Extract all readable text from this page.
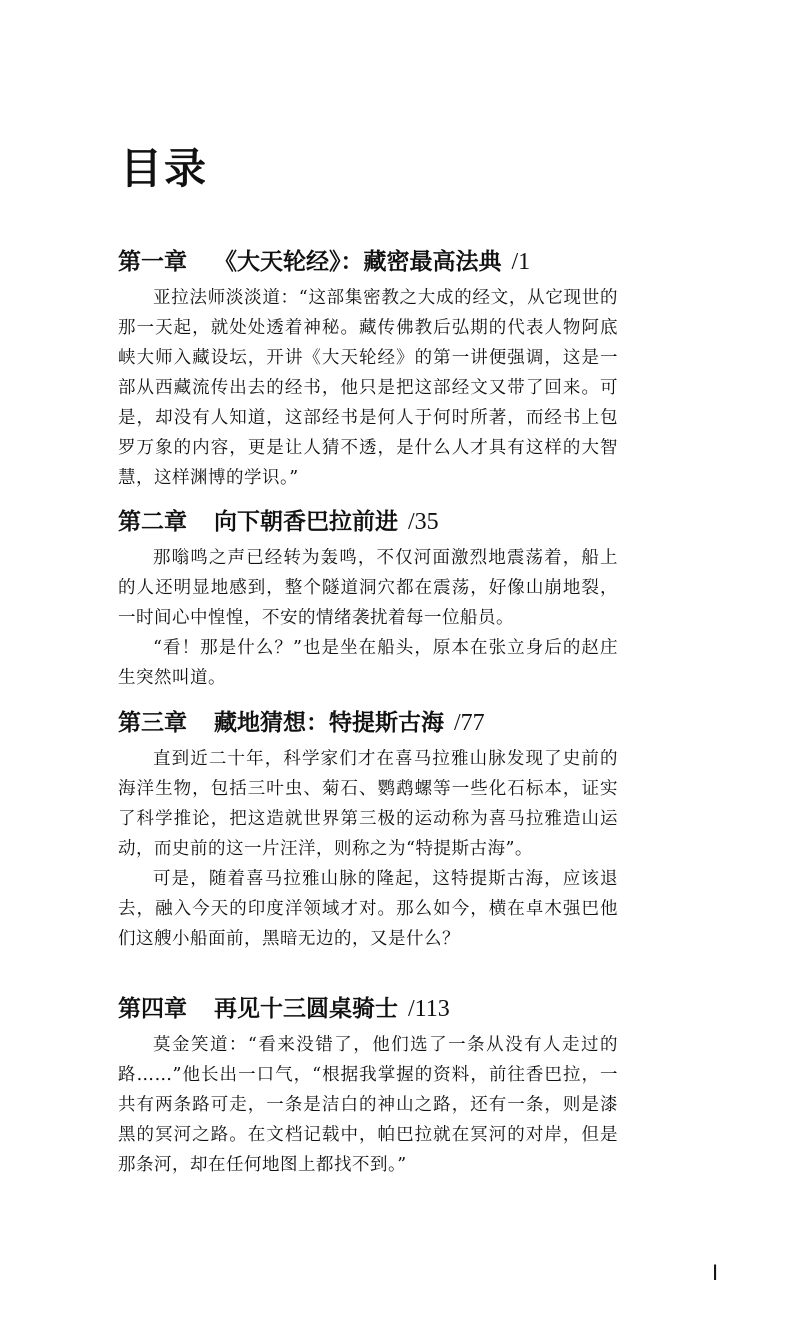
目录
第一章 《大天轮经》：藏密最高法典 /1

亚拉法师淡淡道：“这部集密教之大成的经文，从它现世的那一天起，就处处透着神秘。藏传佛教后弘期的代表人物阿底峡大师入藏设坛，开讲《大天轮经》的第一讲便强调，这是一部从西藏流传出去的经书，他只是把这部经文又带了回来。可是，却没有人知道，这部经书是何人于何时所著，而经书上包罗万象的内容，更是让人猜不透，是什么人才具有这样的大智慧，这样渊博的学识。”

第二章 向下朝香巴拉前进 /35

那嗡鸣之声已经转为轰鸣，不仅河面激烈地震荡着，船上的人还明显地感到，整个隧道洞穴都在震荡，好像山崩地裂，一时间心中惶惶，不安的情绪袭扰着每一位船员。

“看！那是什么？”也是坐在船头，原本在张立身后的赵庄生突然叫道。

第三章 藏地猜想：特提斯古海 /77

直到近二十年，科学家们才在喜马拉雅山脉发现了史前的海洋生物，包括三叶虫、菊石、鹦鹉螺等一些化石标本，证实了科学推论，把这造就世界第三极的运动称为喜马拉雅造山运动，而史前的这一片汪洋，则称之为“特提斯古海”。

可是，随着喜马拉雅山脉的隆起，这特提斯古海，应该退去，融入今天的印度洋领域才对。那么如今，横在卓木强巴他们这艘小船面前，黑暗无边的，又是什么？

第四章 再见十三圆桌骑士 /113

莫金笑道：“看来没错了，他们选了一条从没有人走过的路……”他长出一口气，“根据我掌握的资料，前往香巴拉，一共有两条路可走，一条是洁白的神山之路，还有一条，则是漆黑的冥河之路。在文档记载中，帕巴拉就在冥河的对岸，但是那条河，却在任何地图上都找不到。”

I
